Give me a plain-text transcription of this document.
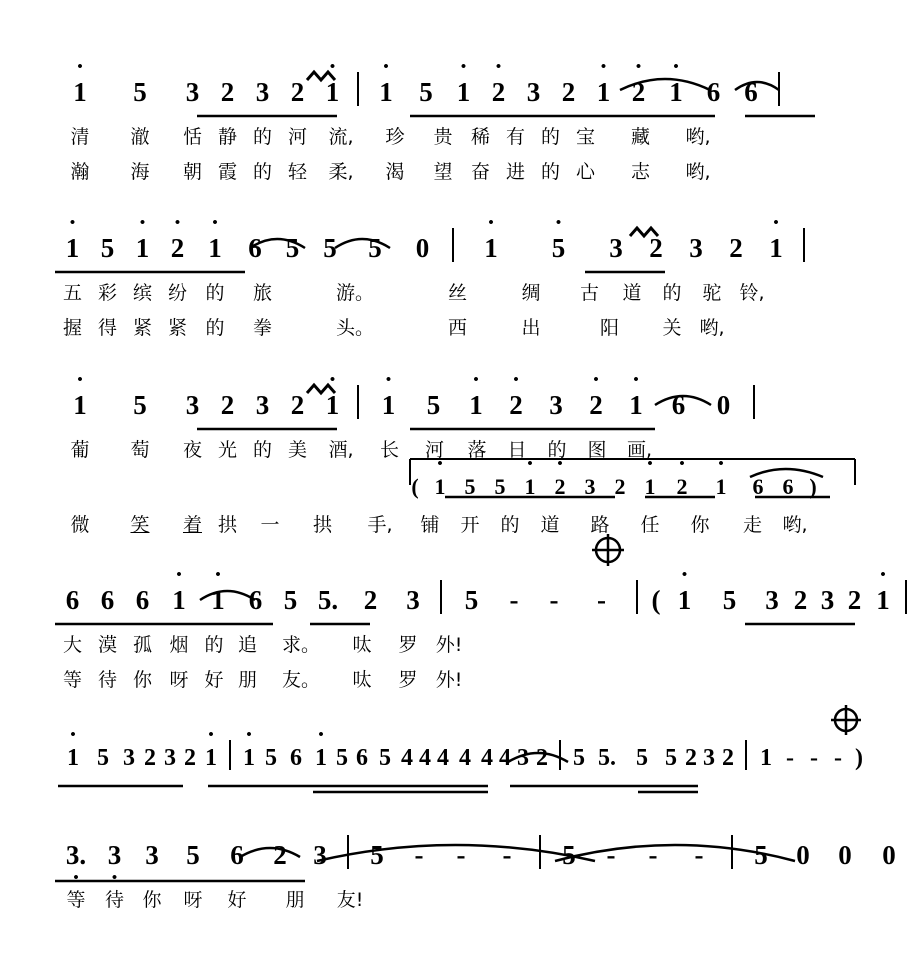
• 1	5	3 2 3 2 • 1	• 1 5 • 1 • 2 3 2 • 1 • 2 • 1 6 6
清	澈	恬 静 的 河	流,	珍	贵 稀 有 的 宝	藏	哟,
瀚	海	朝 霞 的 轻	柔,	渴	望 奋 进 的 心	志	哟,
• 1 5 • 1 • 2 • 1 6 5 5	5	0	• 1	• 5	3 2 3 2 • 1
五 彩 缤 纷 的	旅	游。	丝	绸	古	道	的	驼 铃,
握 得 紧 紧 的	拳	头。	西	出	阳	关 哟,
• 1	5	3 2 3 2 • 1	• 1	5	• 1 • 2 3 • 2 • 1	6	0
葡	萄	夜 光 的 美	酒,	长	河	落	日	的	图	画,
( • 1 5 5 • 1 • 2 3 2 • 1 • 2	• 1	6 6 )
微	笑	着 拱	一	拱	手,	铺	开	的	道	路	任	你	走	哟,
6 6 6 • 1 • 1 6 5 5. 2	3	5	-	-	-	( • 1	5	3 2 3 2 • 1
大 漠 孤 烟 的 追	求。	呔	罗 外!
等 待 你 呀 好 朋	友。	呔	罗 外!
• 1 5 3 2 3 2 • 1 • 1 5 6 • 1 5 6 5 4 4 4 4 4 4 3 2 5 5. 5 5 2 3 2 1 - - - )
3. • 3 • 3	5	6	2 3	5	-	-	-	5	-	-	-	5	0	0	0
等	待 你	呀	好	朋	友!
